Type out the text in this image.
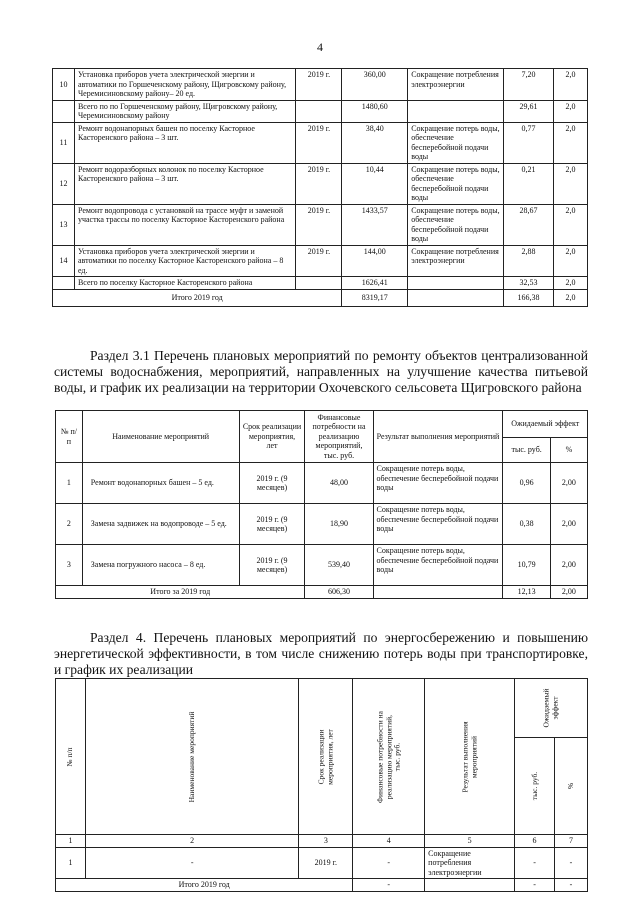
4
10	Установка приборов учета электрической энергии и автоматики по Горшеченскому району, Щигровскому району, Черемисиновскому району– 20 ед.	2019 г.	360,00	Сокращение потребления электроэнергии	7,20	2,0
	Всего по по Горшеченскому району, Щигровскому району, Черемисиновскому району		1480,60		29,61	2,0
11	Ремонт водонапорных башен по поселку Касторное Касторенского района – 3 шт.	2019 г.	38,40	Сокращение потерь воды, обеспечение бесперебойной подачи воды	0,77	2,0
12	Ремонт водоразборных колонок по поселку Касторное Касторенского района – 3 шт.	2019 г.	10,44	Сокращение потерь воды, обеспечение бесперебойной подачи воды	0,21	2,0
13	Ремонт водопровода с установкой на трассе муфт и заменой участка трассы по поселку Касторное Касторенского района	2019 г.	1433,57	Сокращение потерь воды, обеспечение бесперебойной подачи воды	28,67	2,0
14	Установка приборов учета электрической энергии и автоматики по поселку Касторное Касторенского района – 8 ед.	2019 г.	144,00	Сокращение потребления электроэнергии	2,88	2,0
	Всего по поселку Касторное Касторенского района		1626,41		32,53	2,0
Итого 2019 год			8319,17		166,38	2,0
Раздел 3.1 Перечень плановых мероприятий по ремонту объектов централизованной системы водоснабжения, мероприятий, направленных на улучшение качества питьевой воды, и график их реализации на территории Охочевского сельсовета Щигровского района
№ п/п	Наименование мероприятий	Срок реализации мероприятия, лет	Финансовые потребности на реализацию мероприятий, тыс. руб.	Результат выполнения мероприятий	Ожидаемый эффект	
					тыс. руб.	%
1	Ремонт водонапорных башен – 5 ед.	2019 г. (9 месяцев)	48,00	Сокращение потерь воды, обеспечение бесперебойной подачи воды	0,96	2,00
2	Замена задвижек на водопроводе – 5 ед.	2019 г. (9 месяцев)	18,90	Сокращение потерь воды, обеспечение бесперебойной подачи воды	0,38	2,00
3	Замена погружного насоса – 8 ед.	2019 г. (9 месяцев)	539,40	Сокращение потерь воды, обеспечение бесперебойной подачи воды	10,79	2,00
Итого за 2019 год			606,30		12,13	2,00
Раздел 4. Перечень плановых мероприятий по энергосбережению и повышению энергетической эффективности, в том числе снижению потерь воды при транспортировке, и график их реализации
№ п/п	Наименование мероприятий	Срок реализации мероприятия, лет	Финансовые потребности на реализацию мероприятий, тыс. руб.	Результат выполнения мероприятий	Ожидаемый эффект	

					тыс. руб.	%

1	2	3	4	5	6	7
1	-	2019 г.	-	Сокращение потребления электроэнергии	-	-
Итого 2019 год			-		-	-
